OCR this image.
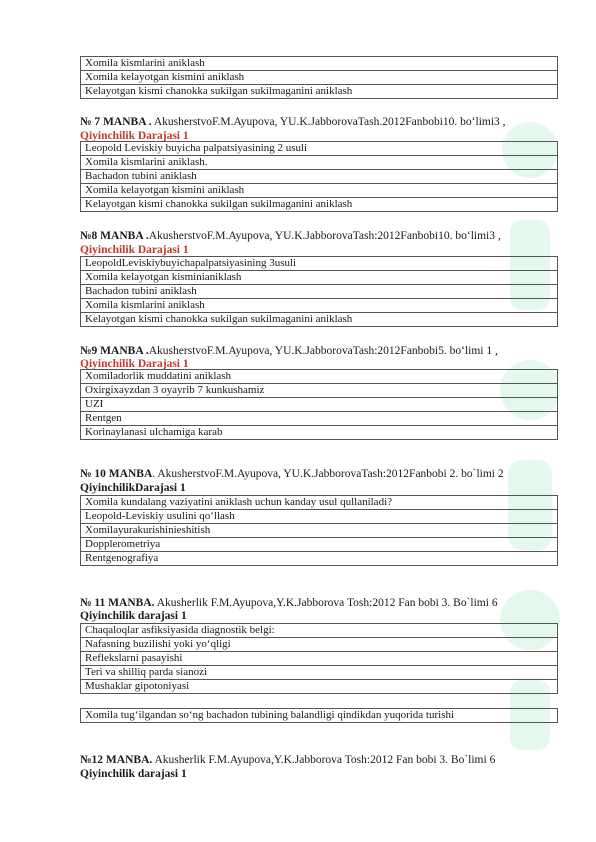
Xomila kismlarini aniklash
Xomila kelayotgan kismini aniklash
Kelayotgan kismi chanokka sukilgan sukilmaganini aniklash
№ 7 MANBA . AkusherstvoF.M.Ayupova, YU.K.JabborovaTash.2012Fanbobi10. bo‘limi3 ,
Qiyinchilik Darajasi 1
Leopold Leviskiy buyicha palpatsiyasining 2 usuli
Xomila kismlarini aniklash.
Bachadon tubini aniklash
Xomila kelayotgan kismini aniklash
Kelayotgan kismi chanokka sukilgan sukilmaganini aniklash
№8 MANBA .AkusherstvoF.M.Ayupova, YU.K.JabborovaTash:2012Fanbobi10. bo‘limi3 ,
Qiyinchilik Darajasi 1
LeopoldLeviskiybuyichapalpatsiyasining 3usuli
Xomila kelayotgan kisminianiklash
Bachadon tubini aniklash
Xomila kismlarini aniklash
Kelayotgan kismi chanokka sukilgan sukilmaganini aniklash
№9 MANBA .AkusherstvoF.M.Ayupova, YU.K.JabborovaTash:2012Fanbobi5. bo‘limi 1 ,
Qiyinchilik Darajasi 1
Xomiladorlik muddatini aniklash
Oxirgixayzdan 3 oyayrib 7 kunkushamiz
UZI
Rentgen
Korinaylanasi ulchamiga karab
№ 10 MANBA. AkusherstvoF.M.Ayupova, YU.K.JabborovaTash:2012Fanbobi 2. bo`limi 2
QiyinchilikDarajasi 1
Xomila kundalang vaziyatini aniklash uchun kanday usul qullaniladi?
Leopold-Leviskiy usulini qo‘llash
Xomilayurakurishinieshitish
Dopplerometriya
Rentgenografiya
№ 11 MANBA. Akusherlik F.M.Ayupova,Y.K.Jabborova Tosh:2012 Fan bobi 3. Bo`limi 6
Qiyinchilik darajasi 1
Chaqaloqlar asfiksiyasida diagnostik belgi:
Nafasning buzilishi yoki yo‘qligi
Reflekslarni pasayishi
Teri va shilliq parda sianozi
Mushaklar gipotoniyasi
Xomila tug‘ilgandan so‘ng bachadon tubining balandligi qindikdan yuqorida turishi
№12 MANBA. Akusherlik F.M.Ayupova,Y.K.Jabborova Tosh:2012 Fan bobi 3. Bo`limi 6
Qiyinchilik darajasi 1
